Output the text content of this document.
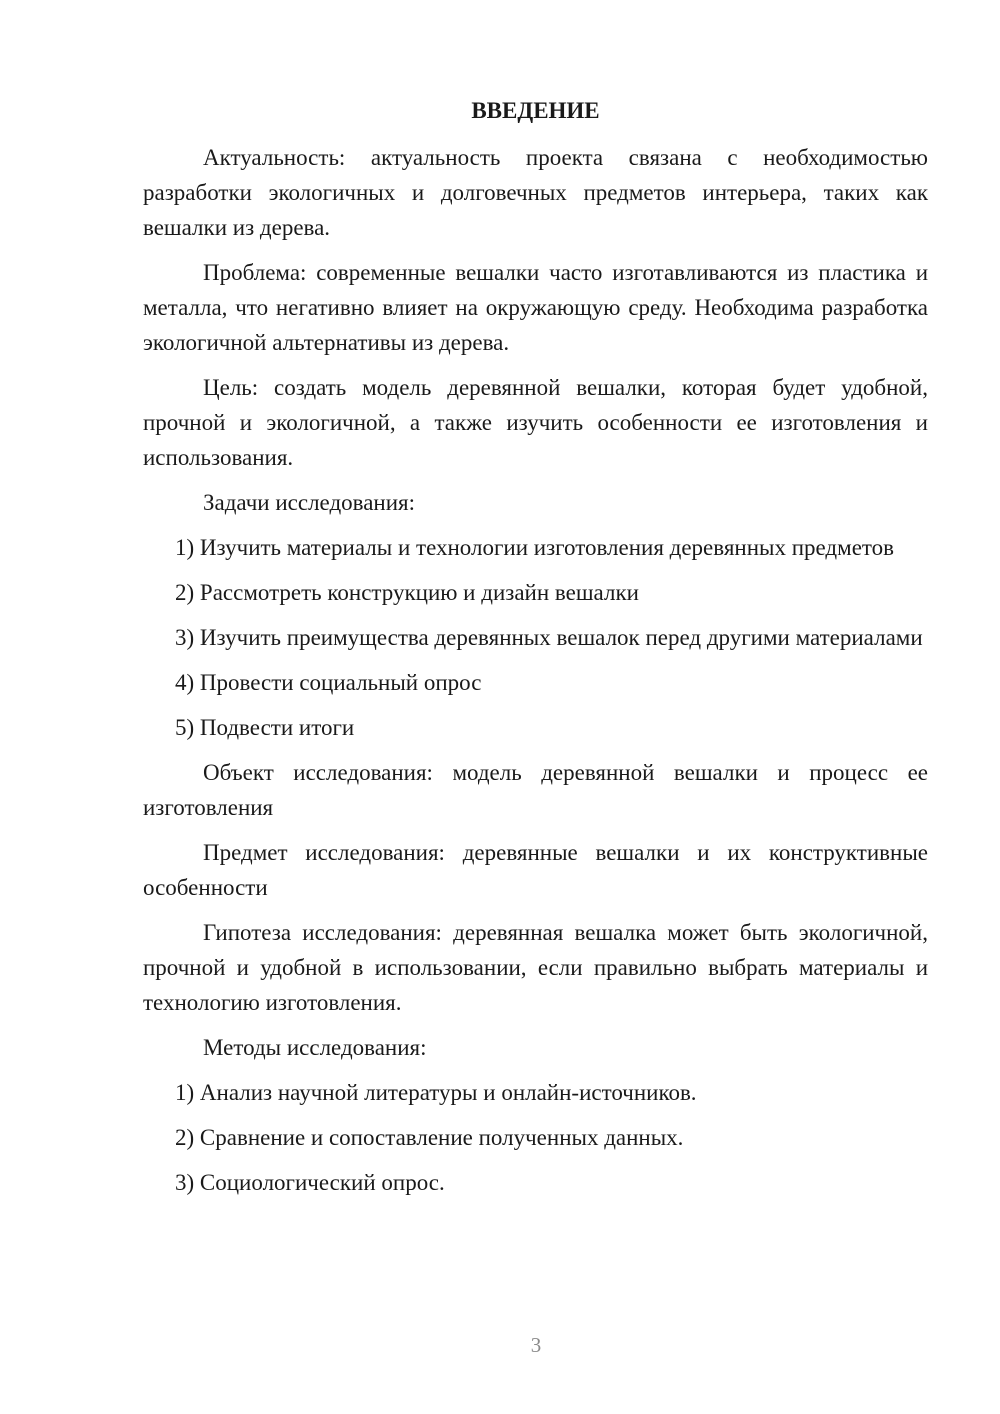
ВВЕДЕНИЕ

Актуальность: актуальность проекта связана с необходимостью разработки экологичных и долговечных предметов интерьера, таких как вешалки из дерева.

Проблема: современные вешалки часто изготавливаются из пластика и металла, что негативно влияет на окружающую среду. Необходима разработка экологичной альтернативы из дерева.

Цель: создать модель деревянной вешалки, которая будет удобной, прочной и экологичной, а также изучить особенности ее изготовления и использования.

Задачи исследования:

1) Изучить материалы и технологии изготовления деревянных предметов

2) Рассмотреть конструкцию и дизайн вешалки

3) Изучить преимущества деревянных вешалок перед другими материалами

4) Провести социальный опрос

5) Подвести итоги

Объект исследования: модель деревянной вешалки и процесс ее изготовления

Предмет исследования: деревянные вешалки и их конструктивные особенности

Гипотеза исследования: деревянная вешалка может быть экологичной, прочной и удобной в использовании, если правильно выбрать материалы и технологию изготовления.

Методы исследования:

1) Анализ научной литературы и онлайн-источников.

2) Сравнение и сопоставление полученных данных.

3) Социологический опрос.

3
